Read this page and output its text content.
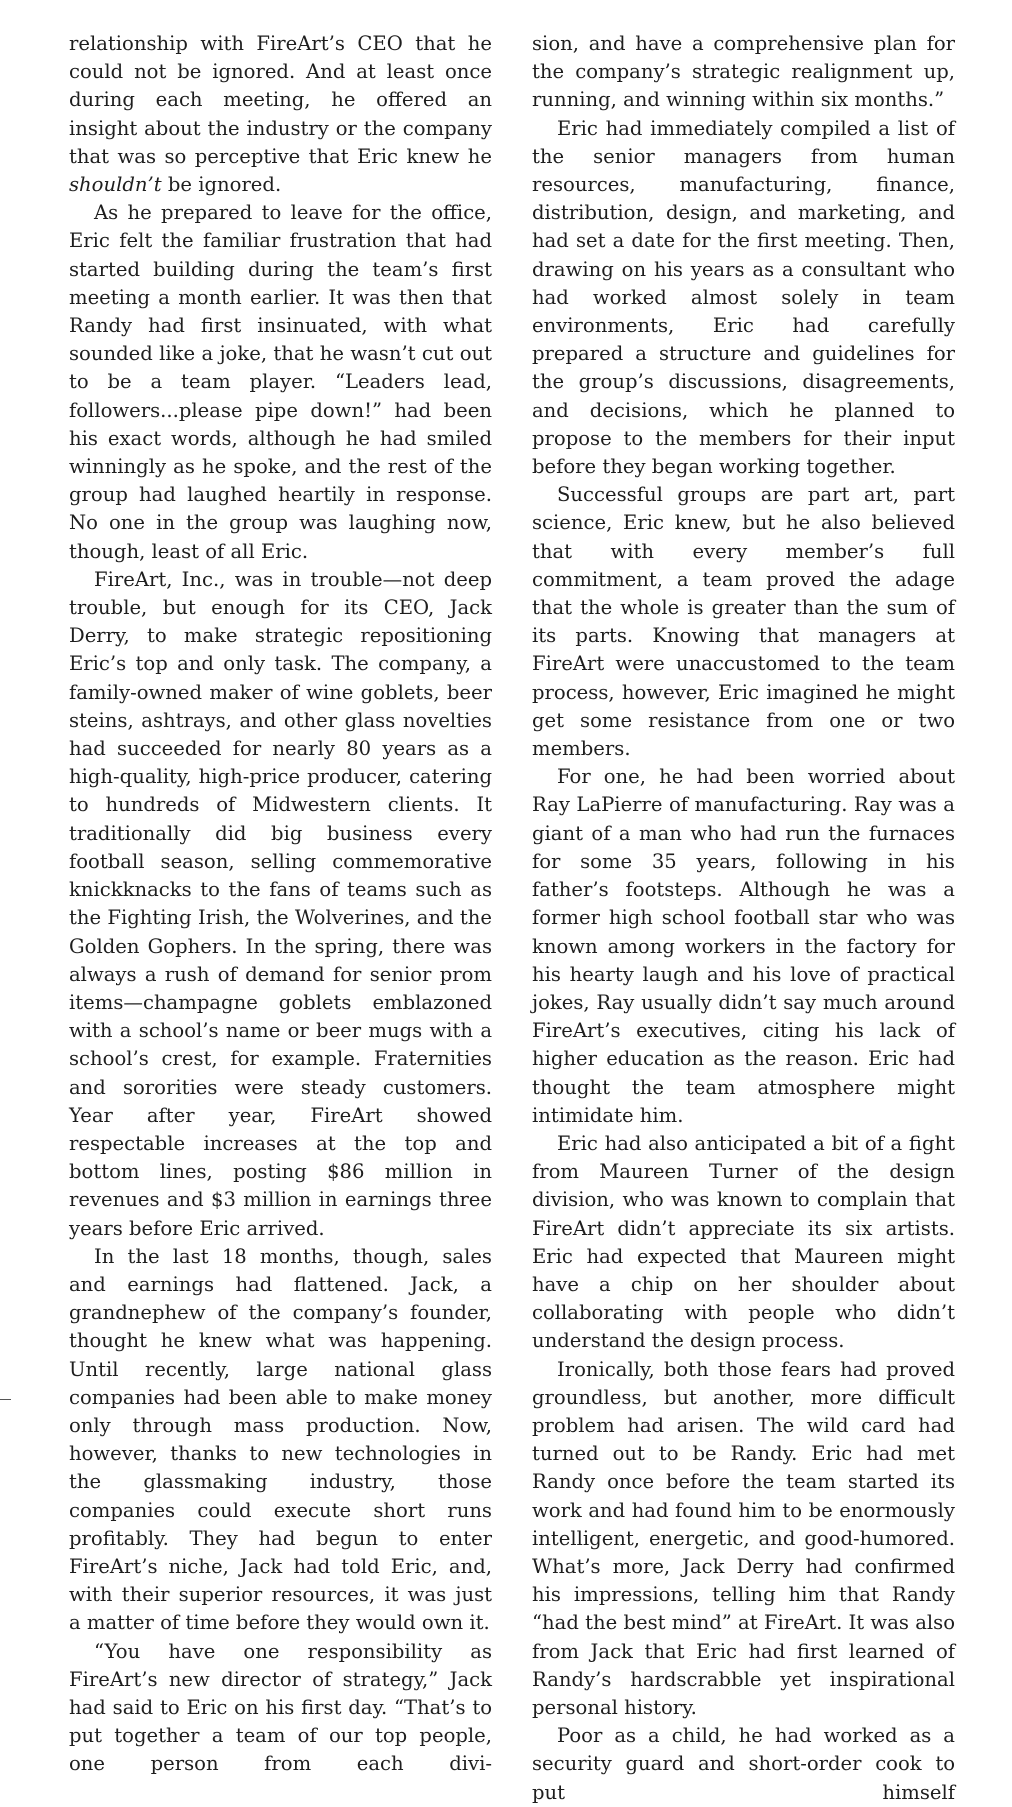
relationship with FireArt’s CEO that he could not be ignored. And at least once during each meeting, he offered an insight about the industry or the company that was so perceptive that Eric knew he shouldn’t be ignored.

As he prepared to leave for the office, Eric felt the familiar frustration that had started building during the team’s first meeting a month earlier. It was then that Randy had first insinuated, with what sounded like a joke, that he wasn’t cut out to be a team player. “Leaders lead, followers...please pipe down!” had been his exact words, although he had smiled winningly as he spoke, and the rest of the group had laughed heartily in response. No one in the group was laughing now, though, least of all Eric.

FireArt, Inc., was in trouble—not deep trouble, but enough for its CEO, Jack Derry, to make strategic repositioning Eric’s top and only task. The company, a family-owned maker of wine goblets, beer steins, ashtrays, and other glass novelties had succeeded for nearly 80 years as a high-quality, high-price producer, catering to hundreds of Midwestern clients. It traditionally did big business every football season, selling commemorative knickknacks to the fans of teams such as the Fighting Irish, the Wolverines, and the Golden Gophers. In the spring, there was always a rush of demand for senior prom items—champagne goblets emblazoned with a school’s name or beer mugs with a school’s crest, for example. Fraternities and sororities were steady customers. Year after year, FireArt showed respectable increases at the top and bottom lines, posting $86 million in revenues and $3 million in earnings three years before Eric arrived.

In the last 18 months, though, sales and earnings had flattened. Jack, a grandnephew of the company’s founder, thought he knew what was happening. Until recently, large national glass companies had been able to make money only through mass production. Now, however, thanks to new technologies in the glassmaking industry, those companies could execute short runs profitably. They had begun to enter FireArt’s niche, Jack had told Eric, and, with their superior resources, it was just a matter of time before they would own it.

“You have one responsibility as FireArt’s new director of strategy,” Jack had said to Eric on his first day. “That’s to put together a team of our top people, one person from each divi-

sion, and have a comprehensive plan for the company’s strategic realignment up, running, and winning within six months.”

Eric had immediately compiled a list of the senior managers from human resources, manufacturing, finance, distribution, design, and marketing, and had set a date for the first meeting. Then, drawing on his years as a consultant who had worked almost solely in team environments, Eric had carefully prepared a structure and guidelines for the group’s discussions, disagreements, and decisions, which he planned to propose to the members for their input before they began working together.

Successful groups are part art, part science, Eric knew, but he also believed that with every member’s full commitment, a team proved the adage that the whole is greater than the sum of its parts. Knowing that managers at FireArt were unaccustomed to the team process, however, Eric imagined he might get some resistance from one or two members.

For one, he had been worried about Ray LaPierre of manufacturing. Ray was a giant of a man who had run the furnaces for some 35 years, following in his father’s footsteps. Although he was a former high school football star who was known among workers in the factory for his hearty laugh and his love of practical jokes, Ray usually didn’t say much around FireArt’s executives, citing his lack of higher education as the reason. Eric had thought the team atmosphere might intimidate him.

Eric had also anticipated a bit of a fight from Maureen Turner of the design division, who was known to complain that FireArt didn’t appreciate its six artists. Eric had expected that Maureen might have a chip on her shoulder about collaborating with people who didn’t understand the design process.

Ironically, both those fears had proved groundless, but another, more difficult problem had arisen. The wild card had turned out to be Randy. Eric had met Randy once before the team started its work and had found him to be enormously intelligent, energetic, and good-humored. What’s more, Jack Derry had confirmed his impressions, telling him that Randy “had the best mind” at FireArt. It was also from Jack that Eric had first learned of Randy’s hardscrabble yet inspirational personal history.

Poor as a child, he had worked as a security guard and short-order cook to put himself
